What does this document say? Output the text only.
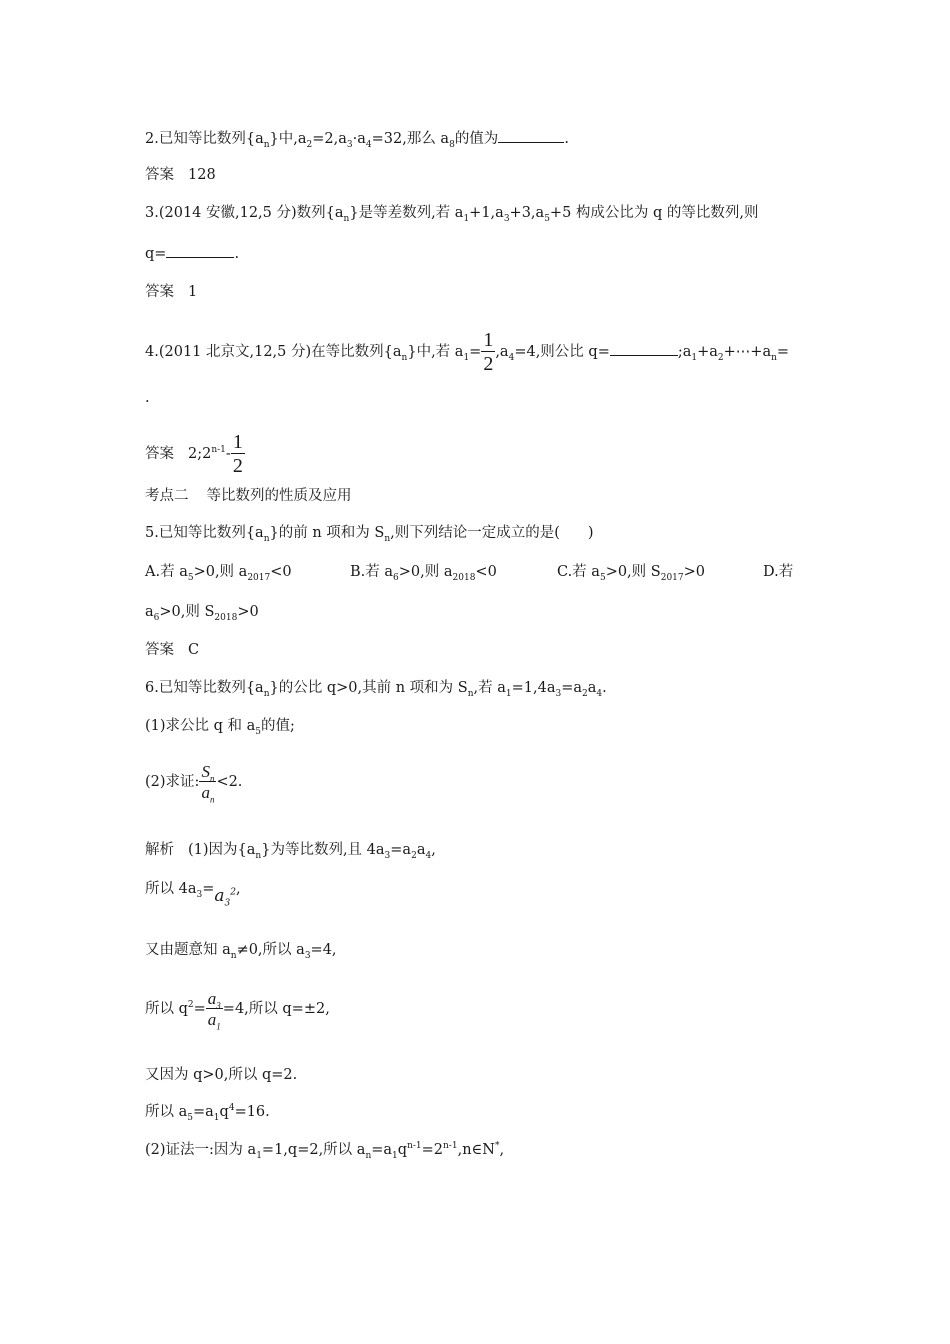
2.已知等比数列$\{a_n\}$中$,a_2=2,a_3\cdot a_4=32$,那么 $a_8$的值为	.
答案 128
3.(2014 安徽,12,5 分)数列$\{a_n\}$是等差数列,若 $a_1+1,a_3+3,a_5+5$ 构成公比为 q 的等比数列,则
q=	.
答案 1
4.(2011 北京文,12,5 分)在等比数列$\{a_n\}$中,若 $a_1= \frac{1}{2} ,a_4=4$,则公比 q=	$;a_1+a_2+\cdots+a_n=$
.
答案 2;2$^{n-1}$- $\frac{1}{2}$
考点二 等比数列的性质及应用
5.已知等比数列$\{a_n\}$的前 n 项和为 $S_n$,则下列结论一定成立的是( )
A.若 $a_5>0$,则 $a_{2017}<0$	B.若 $a_6>0$,则 $a_{2018}<0$	C.若 $a_5>0$,则 $S_{2017}>0$	D.若
$a_6>0$,则 $S_{2018}>0$
答案 C
6.已知等比数列$\{a_n\}$的公比 q>0,其前 n 项和为 $S_n$,若 $a_1=1,4a_3=a_2a_4$.
(1)求公比 q 和 $a_5$的值;
(2)求证: $\frac{S_n}{a_n} <2$.
解析 (1)因为$\{a_n\}$为等比数列,且 $4a_3=a_2a_4$,
所以 $4a_3=a_3^2$,
又由题意知 $a_n\ne 0$,所以 $a_3=4$,
所以 $q^2= \frac{a_3}{a_1} =4$,所以 q=±2,
又因为 q>0,所以 q=2.
所以 $a_5=a_1q^4=16$.
(2)证法一:因为 $a_1=1,q=2$,所以 $a_n=a_1q^{n-1}=2^{n-1},n\in N^*$,
